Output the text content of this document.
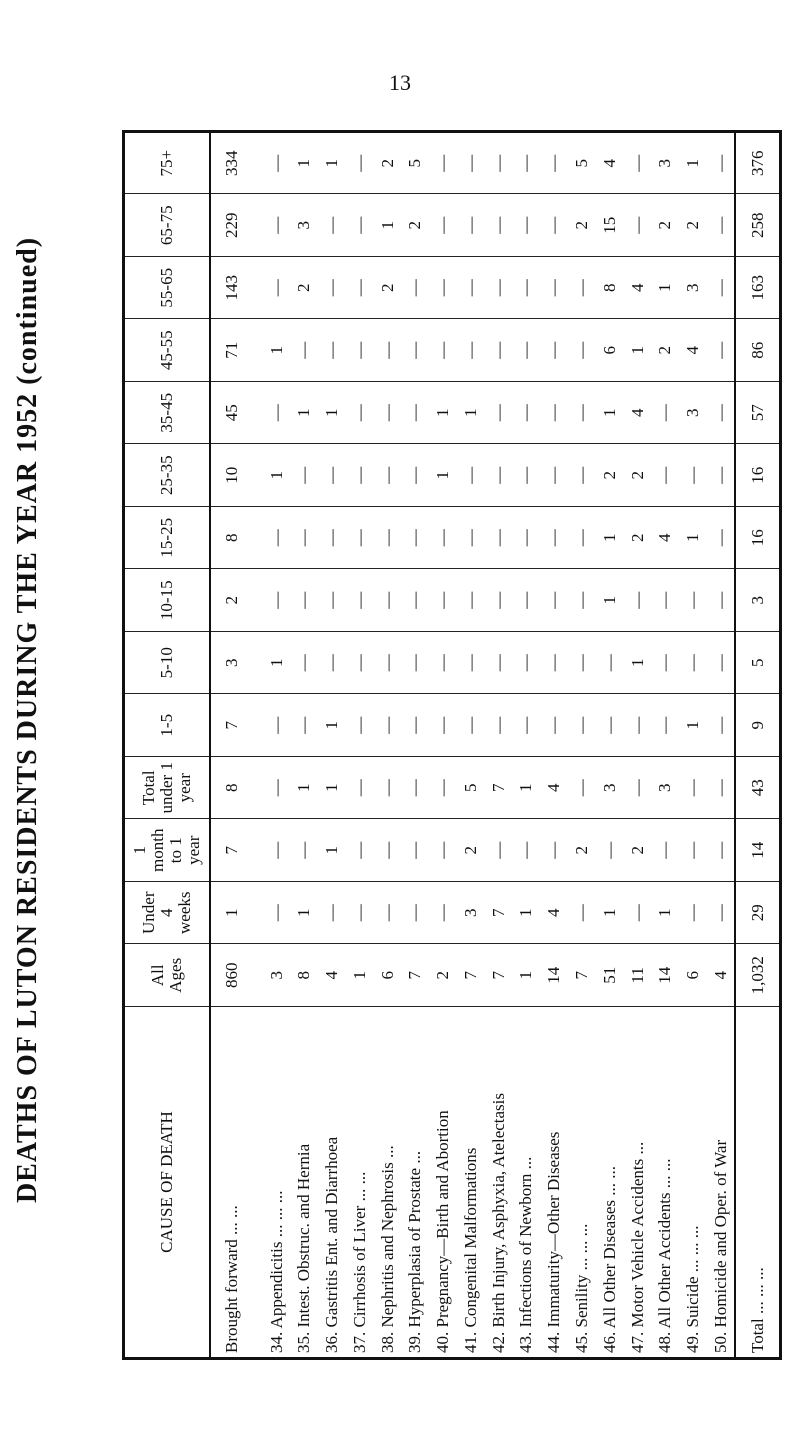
13
DEATHS OF LUTON RESIDENTS DURING THE YEAR 1952 (continued)	CAUSE OF DEATH	All Ages	Under 4 weeks	1 month to 1 year	Total under 1 year	1-5	5-10	10-15	15-25	25-35	35-45	45-55	55-65	65-75	75+
Brought forward ... ...	860	1	7	8	7	3	2	8	10	45	71	143	229	334

34. Appendicitis ... ... ...	3	—	—	—	—	1	—	—	1	—	1	—	—	—
35. Intest. Obstruc. and Hernia	8	1	—	1	—	—	—	—	—	1	—	2	3	1
36. Gastritis Ent. and Diarrhoea	4	—	1	1	1	—	—	—	—	1	—	—	—	1
37. Cirrhosis of Liver ... ...	1	—	—	—	—	—	—	—	—	—	—	—	—	—
38. Nephritis and Nephrosis ...	6	—	—	—	—	—	—	—	—	—	—	2	1	2
39. Hyperplasia of Prostate ...	7	—	—	—	—	—	—	—	—	—	—	—	2	5
40. Pregnancy—Birth and Abortion	2	—	—	—	—	—	—	—	1	1	—	—	—	—
41. Congenital Malformations	7	3	2	5	—	—	—	—	—	1	—	—	—	—
42. Birth Injury, Asphyxia, Atelectasis	7	7	—	7	—	—	—	—	—	—	—	—	—	—
43. Infections of Newborn ...	1	1	—	1	—	—	—	—	—	—	—	—	—	—
44. Immaturity—Other Diseases	14	4	—	4	—	—	—	—	—	—	—	—	—	—
45. Senility ... ... ...	7	—	2	—	—	—	—	—	—	—	—	—	2	5
46. All Other Diseases ... ...	51	1	—	3	—	—	1	1	2	1	6	8	15	4
47. Motor Vehicle Accidents ...	11	—	2	—	—	1	—	2	2	4	1	4	—	—
48. All Other Accidents ... ...	14	1	—	3	—	—	—	4	—	—	2	1	2	3
49. Suicide ... ... ...	6	—	—	—	1	—	—	1	—	3	4	3	2	1
50. Homicide and Oper. of War	4	—	—	—	—	—	—	—	—	—	—	—	—	—
Total ... ... ...	1,032	29	14	43	9	5	3	16	16	57	86	163	258	376
